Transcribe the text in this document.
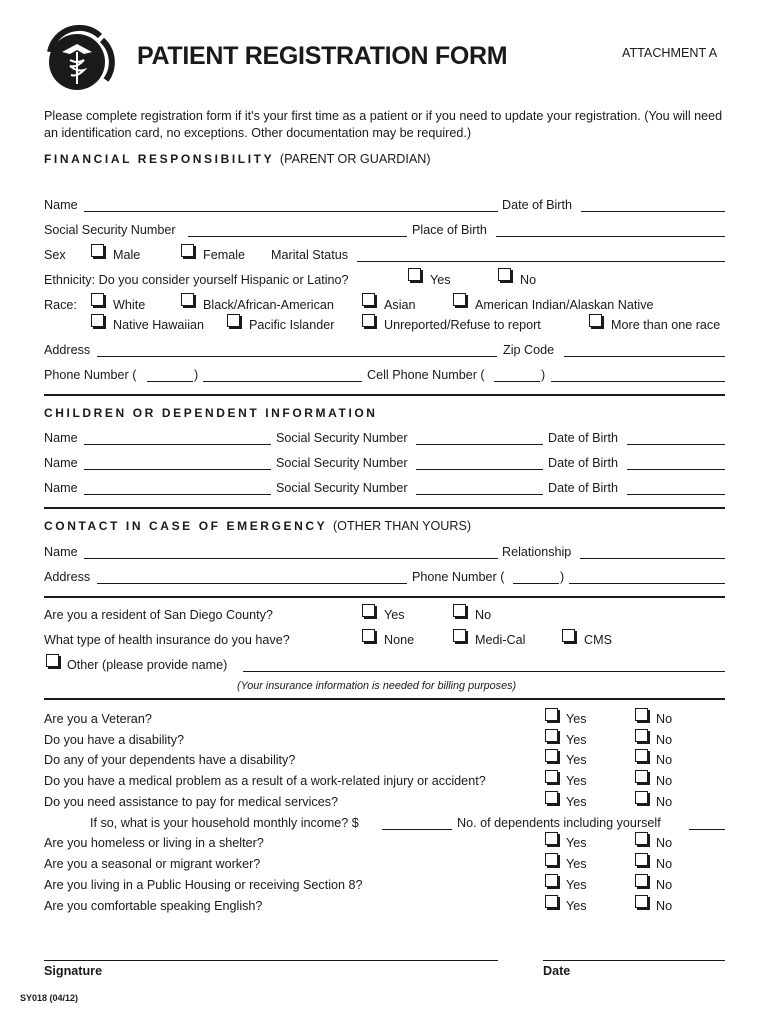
PATIENT REGISTRATION FORM	ATTACHMENT A
Please complete registration form if it's your first time as a patient or if you need to update your registration. (You will need an identification card, no exceptions. Other documentation may be required.)
FINANCIAL RESPONSIBILITY (PARENT OR GUARDIAN)
Name	Date of Birth
Social Security Number	Place of Birth
Sex	Male	Female Marital Status
Ethnicity: Do you consider yourself Hispanic or Latino?	Yes	No
Race:	White	Black/African-American	Asian	American Indian/Alaskan Native
Native Hawaiian	Pacific Islander	Unreported/Refuse to report	More than one race
Address	Zip Code
Phone Number (	)	Cell Phone Number (	)
CHILDREN OR DEPENDENT INFORMATION
Name	Social Security Number	Date of Birth
Name	Social Security Number	Date of Birth
Name	Social Security Number	Date of Birth
CONTACT IN CASE OF EMERGENCY (OTHER THAN YOURS)
Name	Relationship
Address	Phone Number (	)
Are you a resident of San Diego County?	Yes	No
What type of health insurance do you have?	None	Medi-Cal	CMS
Other (please provide name)
(Your insurance information is needed for billing purposes)
Are you a Veteran?	Yes	No
Do you have a disability?	Yes	No
Do any of your dependents have a disability?	Yes	No
Do you have a medical problem as a result of a work-related injury or accident?	Yes	No
Do you need assistance to pay for medical services?	Yes	No
If so, what is your household monthly income? $	No. of dependents including yourself
Are you homeless or living in a shelter?	Yes	No
Are you a seasonal or migrant worker?	Yes	No
Are you living in a Public Housing or receiving Section 8?	Yes	No
Are you comfortable speaking English?	Yes	No
Signature	Date
SY018 (04/12)
